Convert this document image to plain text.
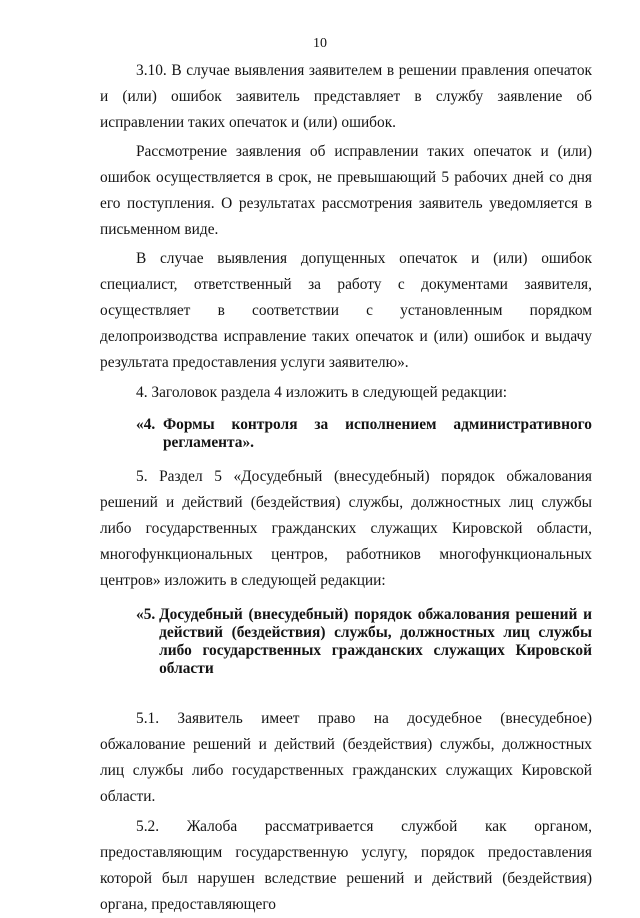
10

3.10. В случае выявления заявителем в решении правления опечаток и (или) ошибок заявитель представляет в службу заявление об исправлении таких опечаток и (или) ошибок.

Рассмотрение заявления об исправлении таких опечаток и (или) ошибок осуществляется в срок, не превышающий 5 рабочих дней со дня его поступления. О результатах рассмотрения заявитель уведомляется в письменном виде.

В случае выявления допущенных опечаток и (или) ошибок специалист, ответственный за работу с документами заявителя, осуществляет в соответствии с установленным порядком делопроизводства исправление таких опечаток и (или) ошибок и выдачу результата предоставления услуги заявителю».

4. Заголовок раздела 4 изложить в следующей редакции:

«4. Формы контроля за исполнением административного
регламента».

5. Раздел 5 «Досудебный (внесудебный) порядок обжалования решений и действий (бездействия) службы, должностных лиц службы либо государственных гражданских служащих Кировской области, многофункциональных центров, работников многофункциональных центров» изложить в следующей редакции:

«5. Досудебный (внесудебный) порядок обжалования решений и
действий (бездействия) службы, должностных лиц службы
либо государственных гражданских служащих Кировской
области

5.1. Заявитель имеет право на досудебное (внесудебное) обжалование решений и действий (бездействия) службы, должностных лиц службы либо государственных гражданских служащих Кировской области.

5.2. Жалоба рассматривается службой как органом, предоставляющим государственную услугу, порядок предоставления которой был нарушен вследствие решений и действий (бездействия) органа, предоставляющего
